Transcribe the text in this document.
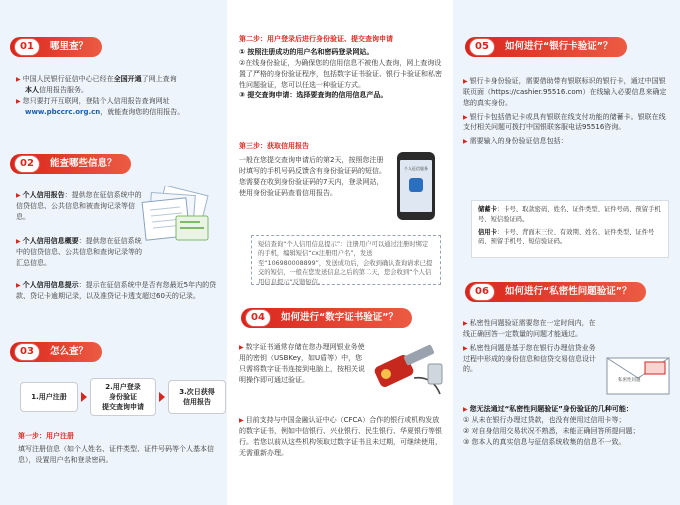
01	哪里查？
▶ 中国人民银行征信中心已经在全国开通了网上查询
本人信用报告服务。
▶ 您只要打开互联网，登陆个人信用报告查询网址
www.pbccrc.org.cn，就能查询您的信用报告。
02	能查哪些信息？
▶ 个人信用报告：提供您在征信系统中的信贷信息、公共信息和被查询记录等信息。
▶ 个人信用信息概要：提供您在征信系统中的信贷信息、公共信息和查询记录等的汇总信息。
▶ 个人信用信息提示：提示在征信系统中是否有您最近5年内的贷款、贷记卡逾期记录，以及准贷记卡透支超过60天的记录。
03	怎么查？
1.用户注册
2.用户登录
身份验证
提交查询申请
3.次日获得
信用报告
第一步：用户注册
填写注册信息（如个人姓名、证件类型、证件号码等个人基本信息），设置用户名和登录密码。
第二步：用户登录后进行身份验证、提交查询申请
① 按照注册成功的用户名和密码登录网站。
②在线身份验证，为确保您的信用信息不被他人查询，网上查询设置了严格的身份验证程序，包括数字证书验证、银行卡验证和私密性问题验证，您可以任选一种验证方式。
③ 提交查询申请：选择要查询的信用信息产品。
第三步：获取信用报告
一般在您提交查询申请后的第2天，按照您注册时填写的手机号码反馈含有身份验证码的短信。您需要在收到身份验证码的7天内，登录网站，使用身份验证码查看信用报告。
个人征信服务
短信查询“个人信用信息提示”：注册用户可以通过注册时绑定的手机，编辑短信“cx注册用户名”，发送至“106980008899”，发送成功后，会收到确认查询请求已提交的短信，一般在您发送信息之后的第二天，您会收到“个人信用信息提示”反馈短信。
04	如何进行“数字证书验证”？
▶ 数字证书通常存储在您办理网银业务使用的密钥（USBKey，如U盾等）中，您只需将数字证书连接到电脑上，按相关说明操作即可通过验证。
▶ 目前支持与中国金融认证中心（CFCA）合作的银行或机构发放的数字证书，例如中信银行、兴业银行、民生银行、华夏银行等银行。若您以前从这些机构领取过数字证书且未过期，可继续使用，无需重新办理。
05	如何进行“银行卡验证”？
▶ 银行卡身份验证，需要借助带有银联标识的银行卡，通过中国银联页面（https://cashier.95516.com）在线输入必要信息来确定您的真实身份。
▶ 银行卡包括借记卡或具有银联在线支付功能的储蓄卡。银联在线支付相关问题可拨打中国银联客服电话95516咨询。
▶ 需要输入的身份验证信息包括：
储蓄卡：卡号、取款密码、姓名、证件类型、证件号码、预留手机号、短信验证码。
信用卡：卡号、背面末三位、有效期、姓名、证件类型、证件号码、预留手机号、短信验证码。
06	如何进行“私密性问题验证”？
▶ 私密性问题验证需要您在一定时间内，在线正确回答一定数量的问题才能通过。
▶ 私密性问题是基于您在银行办理信贷业务过程中形成的身份信息和信贷交易信息设计的。
私密性问题
▶ 您无法通过“私密性问题验证”身份验证的几种可能：
① 从未在银行办理过贷款，也没有使用过信用卡等；
② 对自身信用交易状况不熟悉，未能正确回答所提问题；
③ 您本人的真实信息与征信系统收集的信息不一致。
